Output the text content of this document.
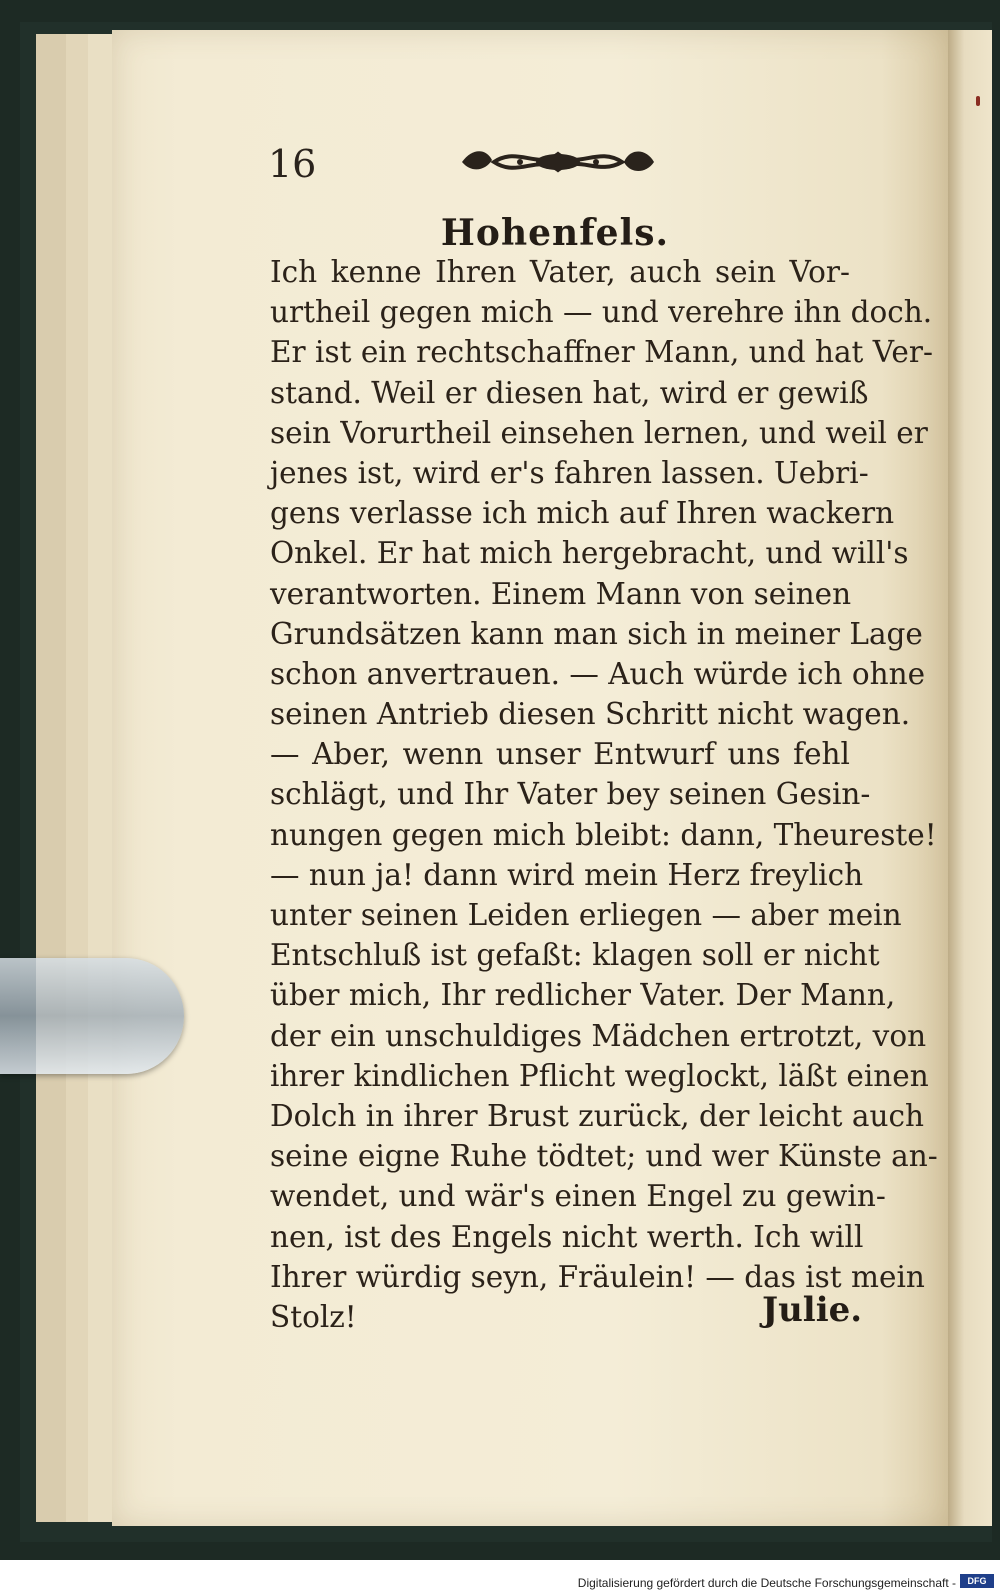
16
Hohenfels.
Ich kenne Ihren Vater, auch sein Vor-
urtheil gegen mich — und verehre ihn doch.
Er ist ein rechtschaffner Mann, und hat Ver-
stand. Weil er diesen hat, wird er gewiß
sein Vorurtheil einsehen lernen, und weil er
jenes ist, wird er's fahren lassen. Uebri-
gens verlasse ich mich auf Ihren wackern
Onkel. Er hat mich hergebracht, und will's
verantworten. Einem Mann von seinen
Grundsätzen kann man sich in meiner Lage
schon anvertrauen. — Auch würde ich ohne
seinen Antrieb diesen Schritt nicht wagen.
— Aber, wenn unser Entwurf uns fehl
schlägt, und Ihr Vater bey seinen Gesin-
nungen gegen mich bleibt: dann, Theureste!
— nun ja! dann wird mein Herz freylich
unter seinen Leiden erliegen — aber mein
Entschluß ist gefaßt: klagen soll er nicht
über mich, Ihr redlicher Vater. Der Mann,
der ein unschuldiges Mädchen ertrotzt, von
ihrer kindlichen Pflicht weglockt, läßt einen
Dolch in ihrer Brust zurück, der leicht auch
seine eigne Ruhe tödtet; und wer Künste an-
wendet, und wär's einen Engel zu gewin-
nen, ist des Engels nicht werth. Ich will
Ihrer würdig seyn, Fräulein! — das ist mein
Stolz!	Julie.
Digitalisierung gefördert durch die Deutsche Forschungsgemeinschaft -	DFG
